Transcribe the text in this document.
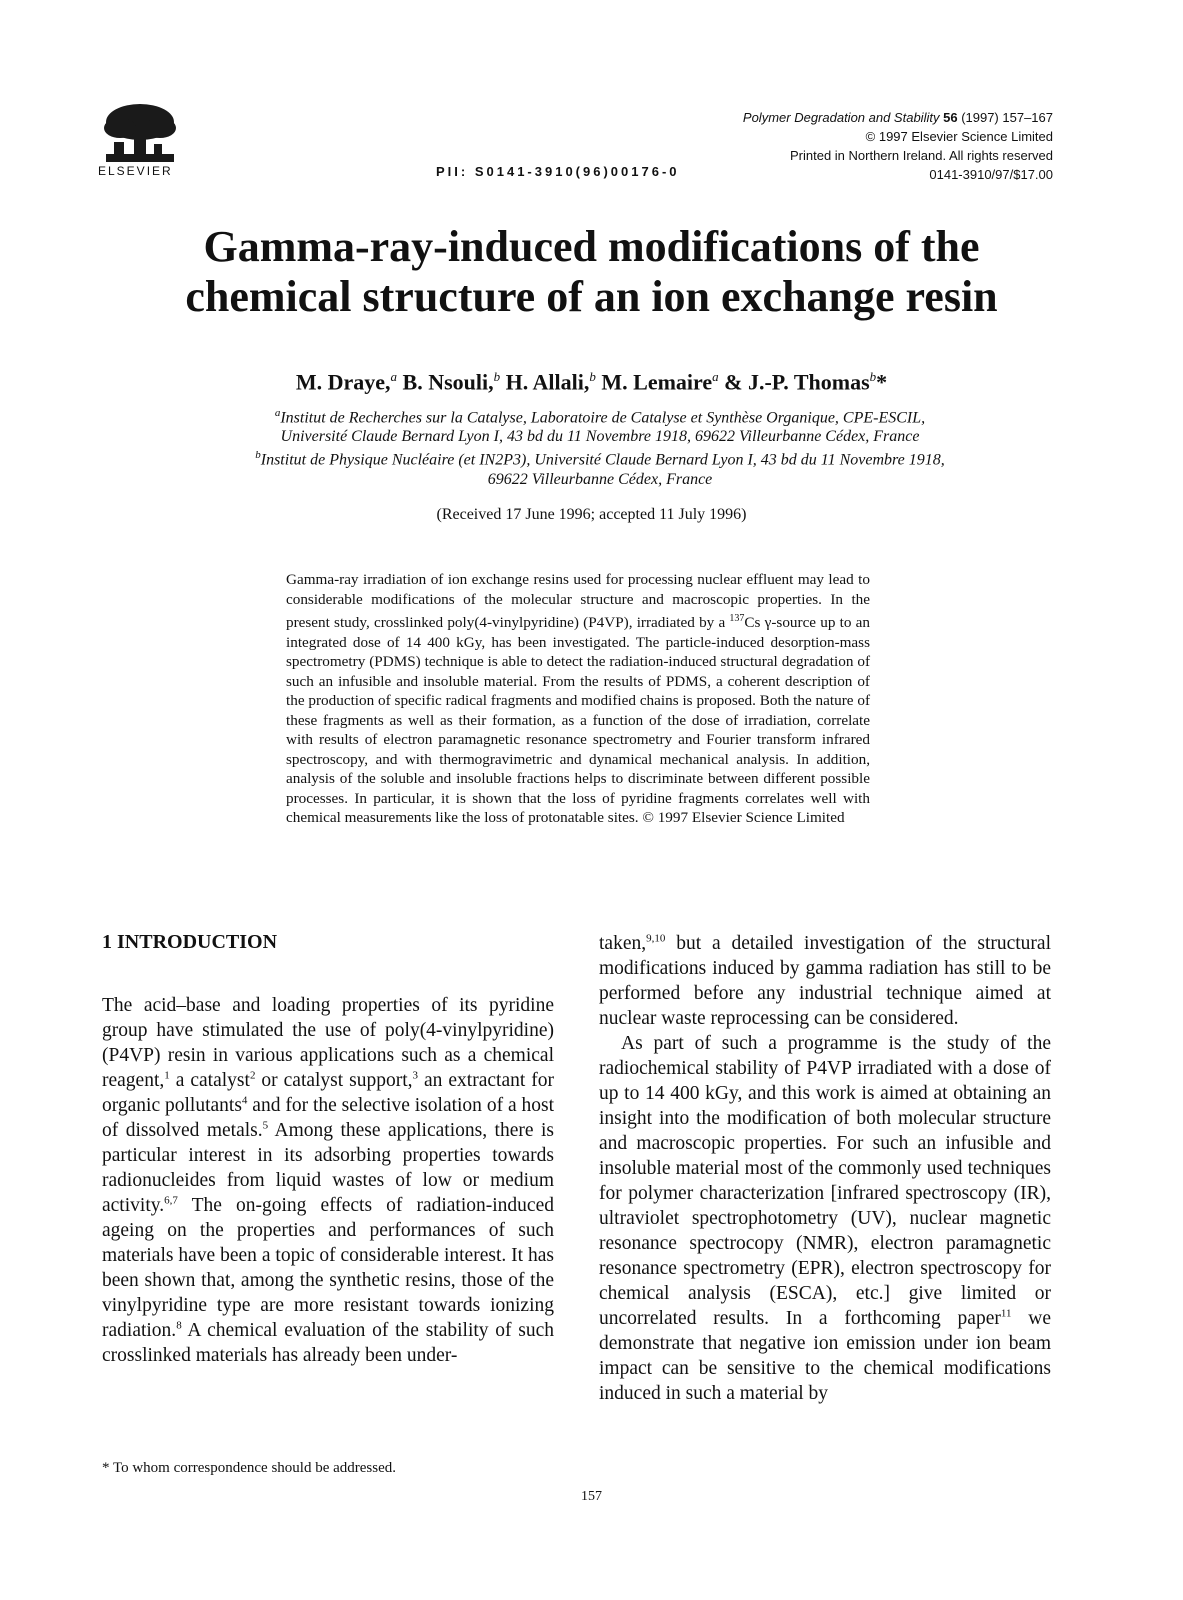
ELSEVIER	PII: S0141-3910(96)00176-0
Polymer Degradation and Stability 56 (1997) 157–167
© 1997 Elsevier Science Limited
Printed in Northern Ireland. All rights reserved
0141-3910/97/$17.00
Gamma-ray-induced modifications of the
chemical structure of an ion exchange resin
M. Draye,$^a$ B. Nsouli,$^b$ H. Allali,$^b$ M. Lemaire$^a$ & J.-P. Thomas$^b$*
$^a$Institut de Recherches sur la Catalyse, Laboratoire de Catalyse et Synthèse Organique, CPE-ESCIL,
Université Claude Bernard Lyon I, 43 bd du 11 Novembre 1918, 69622 Villeurbanne Cédex, France
$^b$Institut de Physique Nucléaire (et IN2P3), Université Claude Bernard Lyon I, 43 bd du 11 Novembre 1918,
69622 Villeurbanne Cédex, France
(Received 17 June 1996; accepted 11 July 1996)
Gamma-ray irradiation of ion exchange resins used for processing nuclear effluent may lead to considerable modifications of the molecular structure and macroscopic properties. In the present study, crosslinked poly(4-vinylpyridine) (P4VP), irradiated by a $^{137}$Cs γ-source up to an integrated dose of 14 400 kGy, has been investigated. The particle-induced desorption-mass spectrometry (PDMS) technique is able to detect the radiation-induced structural degradation of such an infusible and insoluble material. From the results of PDMS, a coherent description of the production of specific radical fragments and modified chains is proposed. Both the nature of these fragments as well as their formation, as a function of the dose of irradiation, correlate with results of electron paramagnetic resonance spectrometry and Fourier transform infrared spectroscopy, and with thermogravimetric and dynamical mechanical analysis. In addition, analysis of the soluble and insoluble fractions helps to discriminate between different possible processes. In particular, it is shown that the loss of pyridine fragments correlates well with chemical measurements like the loss of protonatable sites. © 1997 Elsevier Science Limited
1 INTRODUCTION

The acid–base and loading properties of its pyridine group have stimulated the use of poly(4-vinylpyridine) (P4VP) resin in various applications such as a chemical reagent,$^1$ a catalyst$^2$ or catalyst support,$^3$ an extractant for organic pollutants$^4$ and for the selective isolation of a host of dissolved metals.$^5$ Among these applications, there is particular interest in its adsorbing properties towards radionucleides from liquid wastes of low or medium activity.$^{6,7}$ The on-going effects of radiation-induced ageing on the properties and performances of such materials have been a topic of considerable interest. It has been shown that, among the synthetic resins, those of the vinylpyridine type are more resistant towards ionizing radiation.$^8$ A chemical evaluation of the stability of such crosslinked materials has already been under-

taken,$^{9,10}$ but a detailed investigation of the structural modifications induced by gamma radiation has still to be performed before any industrial technique aimed at nuclear waste reprocessing can be considered.

As part of such a programme is the study of the radiochemical stability of P4VP irradiated with a dose of up to 14 400 kGy, and this work is aimed at obtaining an insight into the modification of both molecular structure and macroscopic properties. For such an infusible and insoluble material most of the commonly used techniques for polymer characterization [infrared spectroscopy (IR), ultraviolet spectrophotometry (UV), nuclear magnetic resonance spectrocopy (NMR), electron paramagnetic resonance spectrometry (EPR), electron spectroscopy for chemical analysis (ESCA), etc.] give limited or uncorrelated results. In a forthcoming paper$^{11}$ we demonstrate that negative ion emission under ion beam impact can be sensitive to the chemical modifications induced in such a material by

* To whom correspondence should be addressed.
157
